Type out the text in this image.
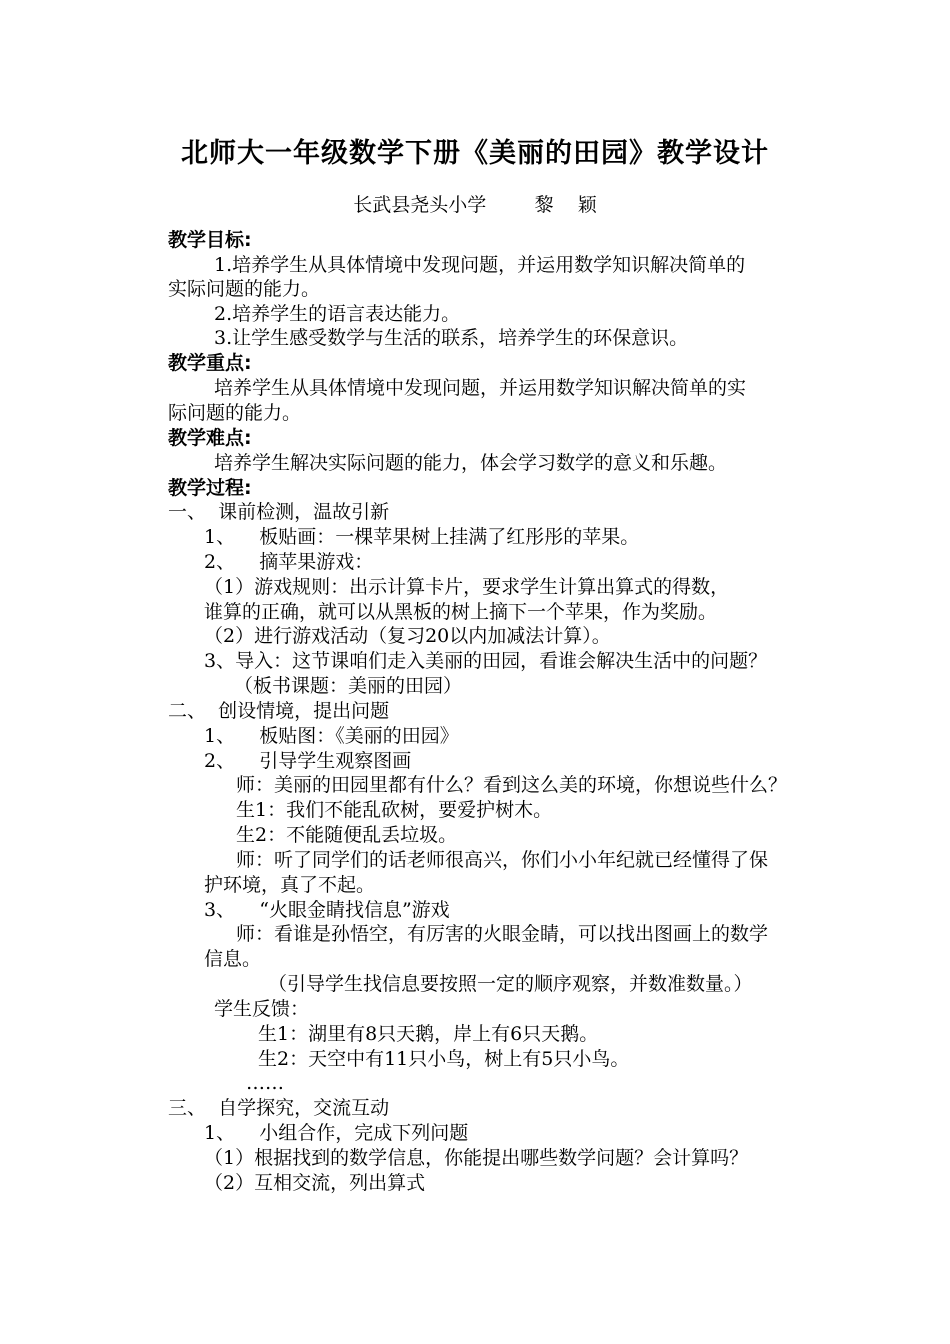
北师大一年级数学下册《美丽的田园》教学设计
长武县尧头小学        黎    颖
教学目标:
1.培养学生从具体情境中发现问题，并运用数学知识解决简单的
实际问题的能力。
2.培养学生的语言表达能力。
3.让学生感受数学与生活的联系，培养学生的环保意识。
教学重点:
培养学生从具体情境中发现问题，并运用数学知识解决简单的实
际问题的能力。
教学难点:
培养学生解决实际问题的能力，体会学习数学的意义和乐趣。
教学过程:
一、  课前检测，温故引新
1、    板贴画：一棵苹果树上挂满了红彤彤的苹果。
2、    摘苹果游戏：
（1）游戏规则：出示计算卡片，要求学生计算出算式的得数，
谁算的正确，就可以从黑板的树上摘下一个苹果，作为奖励。
（2）进行游戏活动（复习20以内加减法计算）。
3、导入：这节课咱们走入美丽的田园，看谁会解决生活中的问题？
（板书课题：美丽的田园）
二、  创设情境，提出问题
1、    板贴图：《美丽的田园》
2、    引导学生观察图画
师：美丽的田园里都有什么？看到这么美的环境，你想说些什么？
生1：我们不能乱砍树，要爱护树木。
生2：不能随便乱丢垃圾。
师：听了同学们的话老师很高兴，你们小小年纪就已经懂得了保
护环境，真了不起。
3、    “火眼金睛找信息”游戏
师：看谁是孙悟空，有厉害的火眼金睛，可以找出图画上的数学
信息。
（引导学生找信息要按照一定的顺序观察，并数准数量。）
学生反馈：
生1：湖里有8只天鹅，岸上有6只天鹅。
生2：天空中有11只小鸟，树上有5只小鸟。
……
三、  自学探究，交流互动
1、    小组合作，完成下列问题
（1）根据找到的数学信息，你能提出哪些数学问题？会计算吗？
（2）互相交流，列出算式
